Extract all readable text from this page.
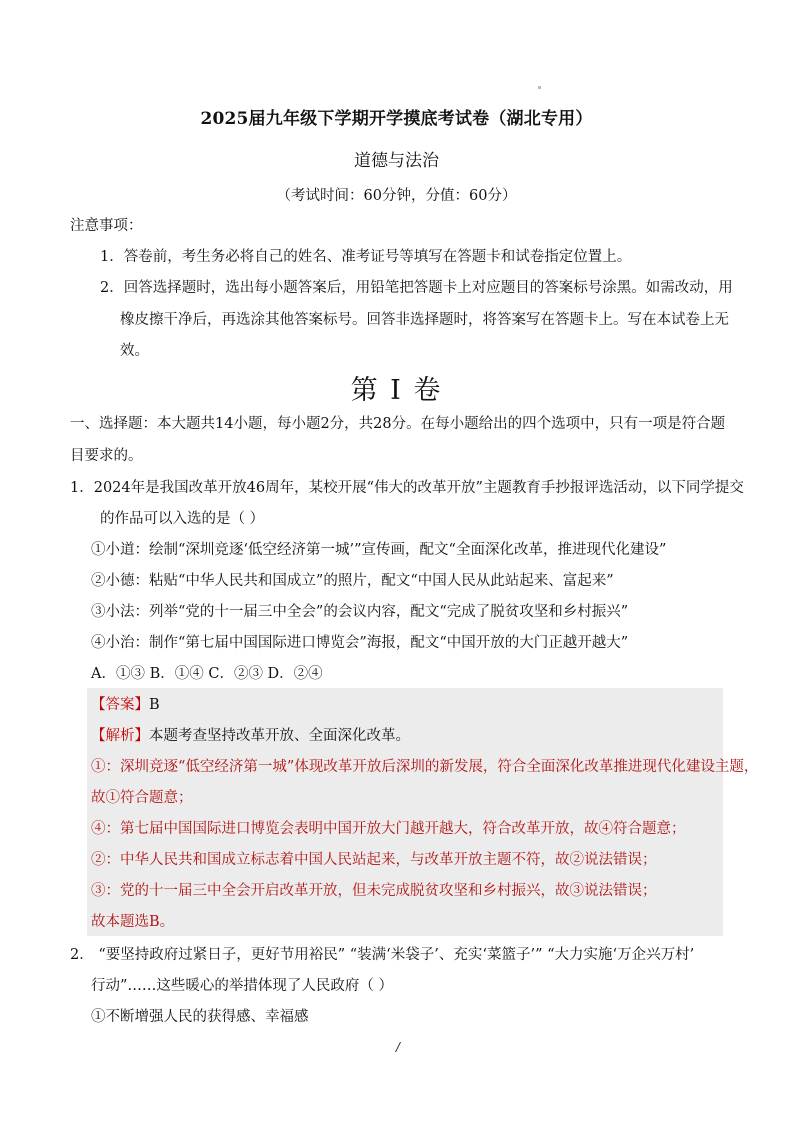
2025届九年级下学期开学摸底考试卷（湖北专用）
道德与法治
（考试时间：60分钟，分值：60分）
注意事项：
1．答卷前，考生务必将自己的姓名、准考证号等填写在答题卡和试卷指定位置上。
2．回答选择题时，选出每小题答案后，用铅笔把答题卡上对应题目的答案标号涂黑。如需改动，用
橡皮擦干净后，再选涂其他答案标号。回答非选择题时，将答案写在答题卡上。写在本试卷上无
效。
第 I 卷
一、选择题：本大题共14小题，每小题2分，共28分。在每小题给出的四个选项中，只有一项是符合题
目要求的。
1．2024年是我国改革开放46周年，某校开展“伟大的改革开放”主题教育手抄报评选活动，以下同学提交
的作品可以入选的是（ ）
①小道：绘制“深圳竞逐‘低空经济第一城’”宣传画，配文“全面深化改革，推进现代化建设”
②小德：粘贴“中华人民共和国成立”的照片，配文“中国人民从此站起来、富起来”
③小法：列举“党的十一届三中全会”的会议内容，配文“完成了脱贫攻坚和乡村振兴”
④小治：制作“第七届中国国际进口博览会”海报，配文“中国开放的大门正越开越大”
A．①③ B．①④ C．②③ D．②④
【答案】B
【解析】本题考查坚持改革开放、全面深化改革。
①：深圳竞逐“低空经济第一城”体现改革开放后深圳的新发展，符合全面深化改革推进现代化建设主题，
故①符合题意；
④：第七届中国国际进口博览会表明中国开放大门越开越大，符合改革开放，故④符合题意；
②：中华人民共和国成立标志着中国人民站起来，与改革开放主题不符，故②说法错误；
③：党的十一届三中全会开启改革开放，但未完成脱贫攻坚和乡村振兴，故③说法错误；
故本题选B。
2． “要坚持政府过紧日子，更好节用裕民” “装满‘米袋子’、充实‘菜篮子’” “大力实施‘万企兴万村’
行动”……这些暖心的举措体现了人民政府（ ）
①不断增强人民的获得感、幸福感
/
